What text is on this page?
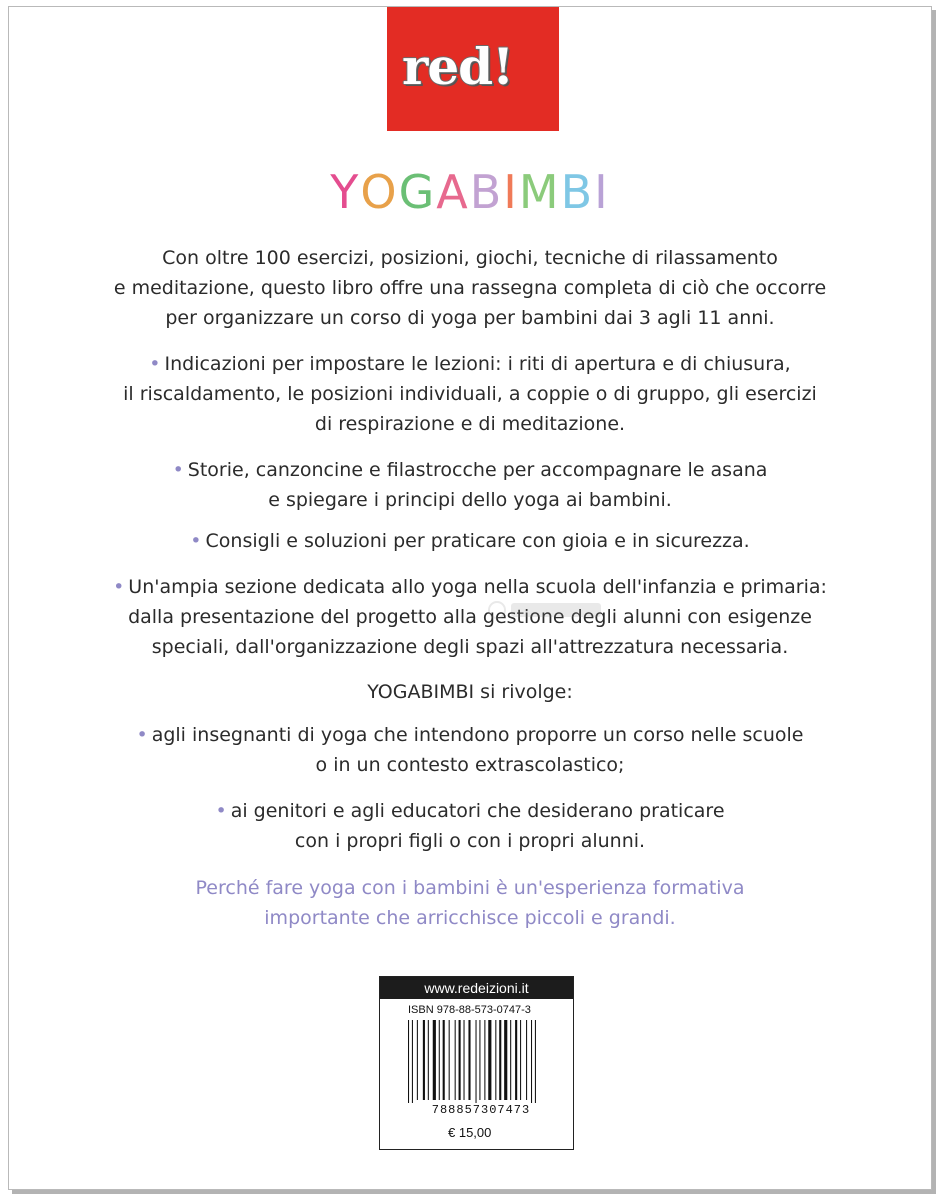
red!
YOGABIMBI
Con oltre 100 esercizi, posizioni, giochi, tecniche di rilassamento
e meditazione, questo libro offre una rassegna completa di ciò che occorre
per organizzare un corso di yoga per bambini dai 3 agli 11 anni.
• Indicazioni per impostare le lezioni: i riti di apertura e di chiusura,
il riscaldamento, le posizioni individuali, a coppie o di gruppo, gli esercizi
di respirazione e di meditazione.
• Storie, canzoncine e filastrocche per accompagnare le asana
e spiegare i principi dello yoga ai bambini.
• Consigli e soluzioni per praticare con gioia e in sicurezza.
• Un'ampia sezione dedicata allo yoga nella scuola dell'infanzia e primaria:
dalla presentazione del progetto alla gestione degli alunni con esigenze
speciali, dall'organizzazione degli spazi all'attrezzatura necessaria.
YOGABIMBI si rivolge:
• agli insegnanti di yoga che intendono proporre un corso nelle scuole
o in un contesto extrascolastico;
• ai genitori e agli educatori che desiderano praticare
con i propri figli o con i propri alunni.
Perché fare yoga con i bambini è un'esperienza formativa
importante che arricchisce piccoli e grandi.
www.redeizioni.it
ISBN 978-88-573-0747-3
788857307473
€ 15,00
